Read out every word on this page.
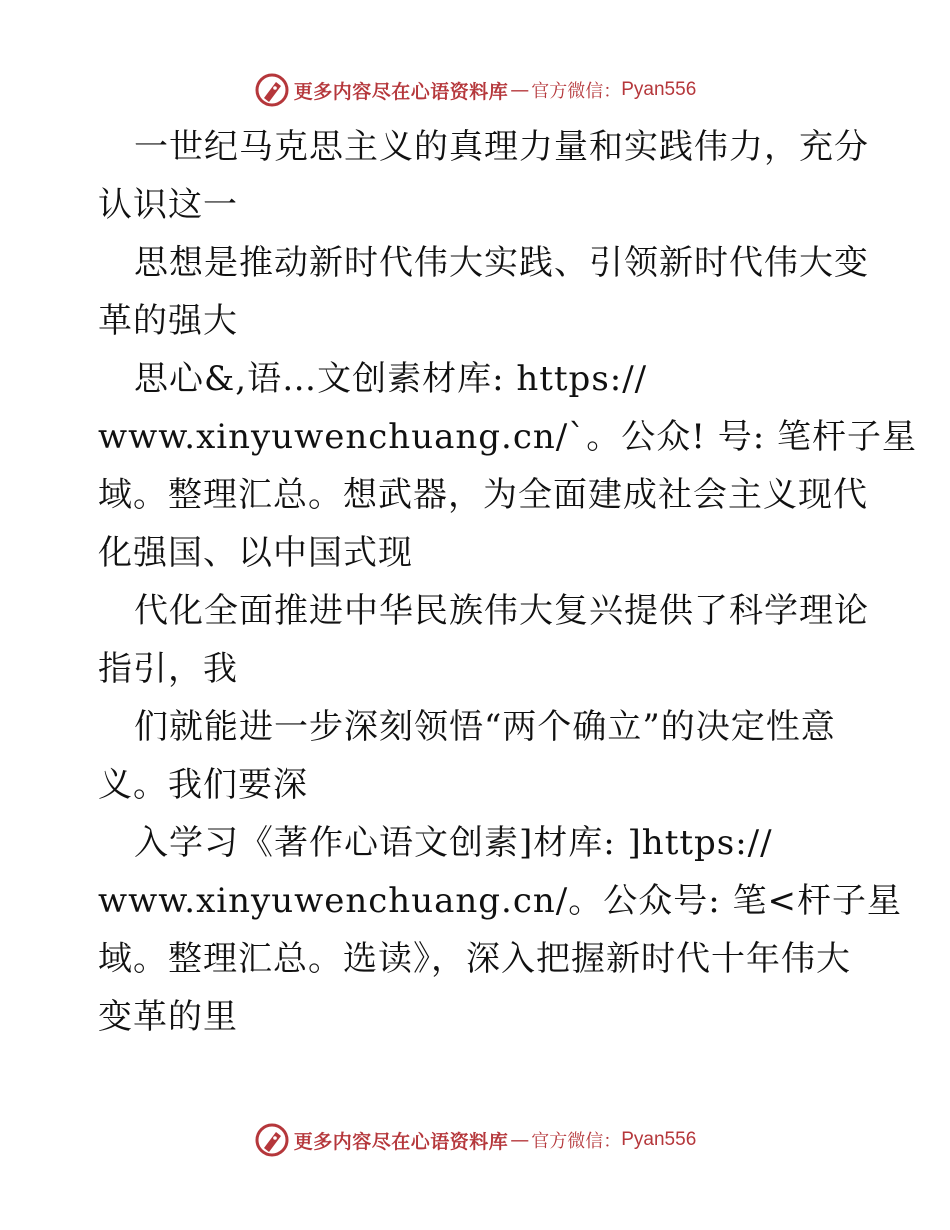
更多内容尽在心语资料库 — 官方微信： Pyan556
一世纪马克思主义的真理力量和实践伟力，充分
认识这一
思想是推动新时代伟大实践、引领新时代伟大变
革的强大
思心&,语…文创素材库: https://
www.xinyuwenchuang.cn/`。公众! 号: 笔杆子星
域。整理汇总。想武器，为全面建成社会主义现代
化强国、以中国式现
代化全面推进中华民族伟大复兴提供了科学理论
指引，我
们就能进一步深刻领悟“两个确立”的决定性意
义。我们要深
入学习《著作心语文创素]材库: ]https://
www.xinyuwenchuang.cn/。公众号: 笔<杆子星
域。整理汇总。选读》，深入把握新时代十年伟大
变革的里
更多内容尽在心语资料库 — 官方微信： Pyan556
